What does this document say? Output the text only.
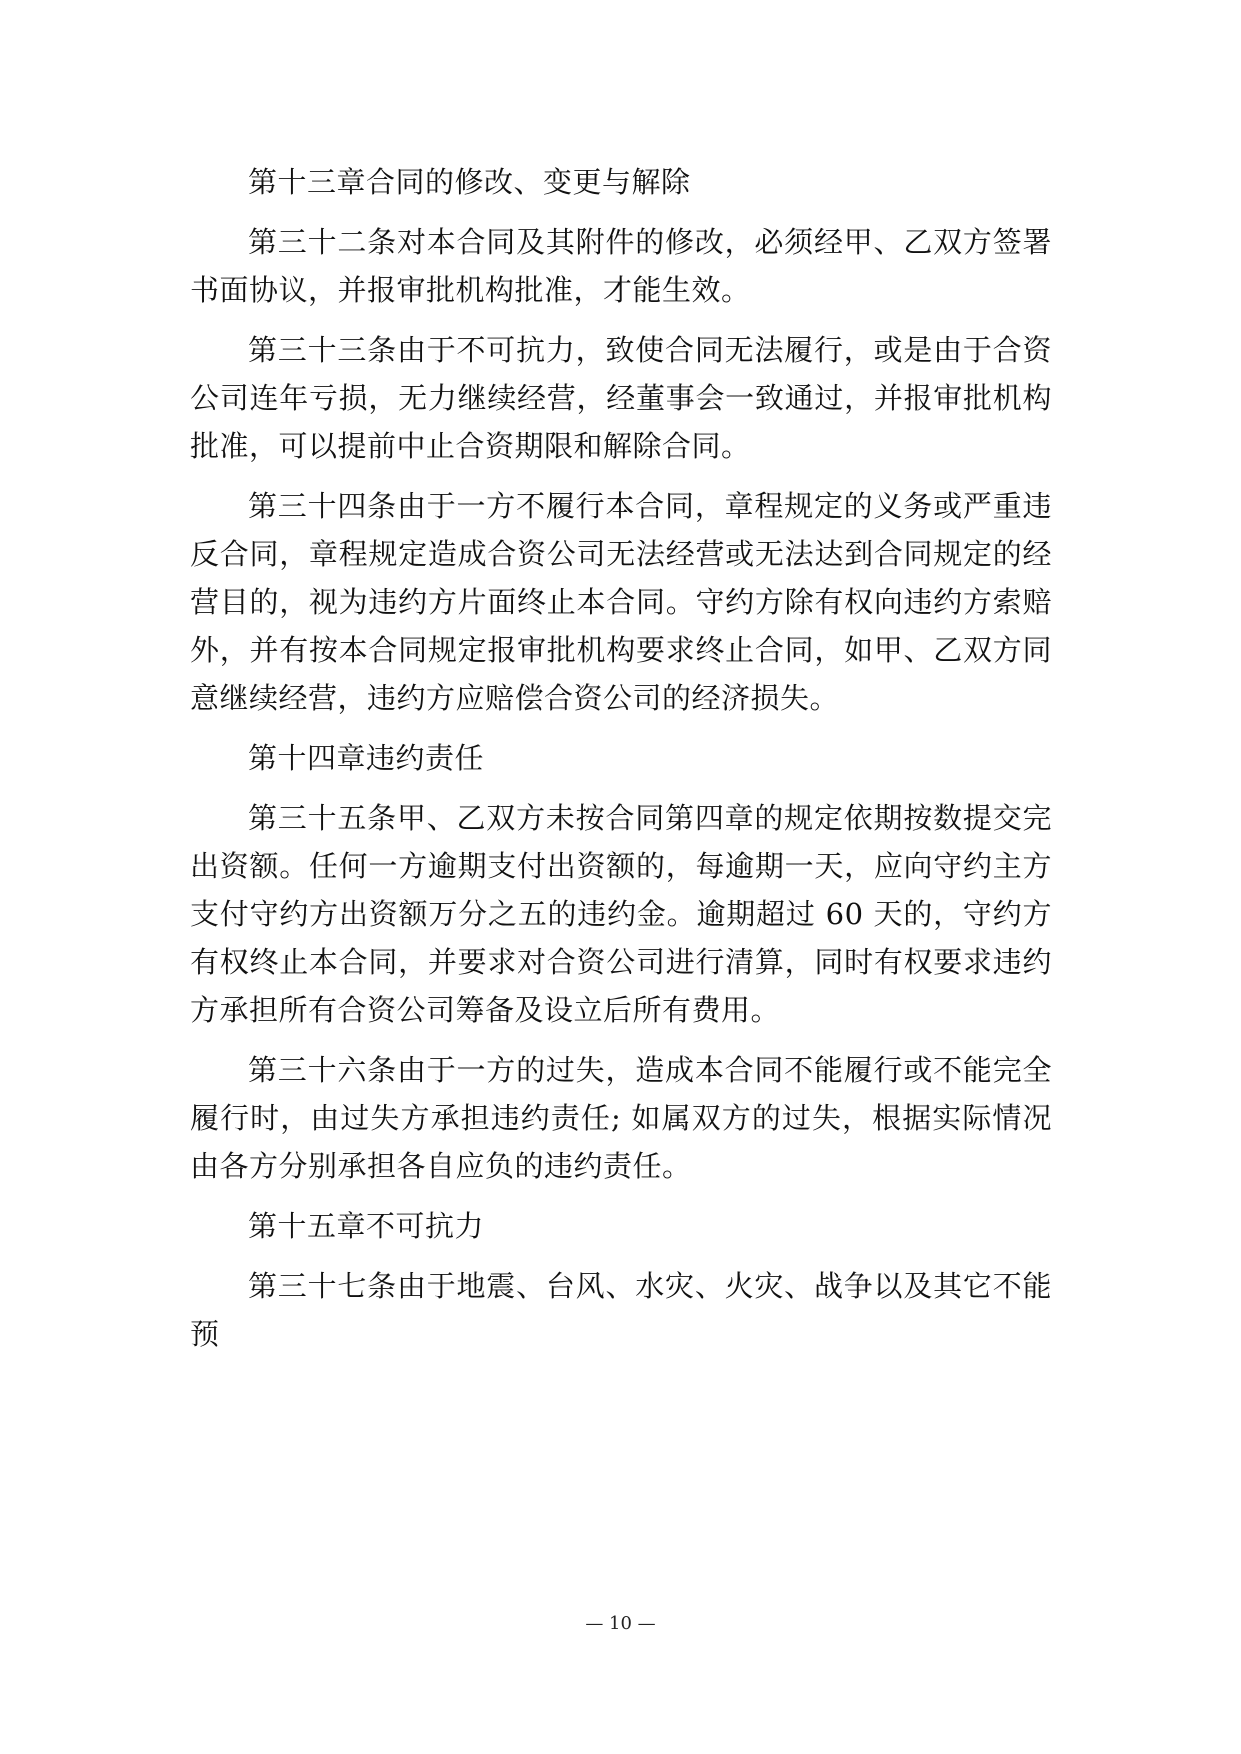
第十三章合同的修改、变更与解除

第三十二条对本合同及其附件的修改，必须经甲、乙双方签署书面协议，并报审批机构批准，才能生效。

第三十三条由于不可抗力，致使合同无法履行，或是由于合资公司连年亏损，无力继续经营，经董事会一致通过，并报审批机构批准，可以提前中止合资期限和解除合同。

第三十四条由于一方不履行本合同，章程规定的义务或严重违反合同，章程规定造成合资公司无法经营或无法达到合同规定的经营目的，视为违约方片面终止本合同。守约方除有权向违约方索赔外，并有按本合同规定报审批机构要求终止合同，如甲、乙双方同意继续经营，违约方应赔偿合资公司的经济损失。

第十四章违约责任

第三十五条甲、乙双方未按合同第四章的规定依期按数提交完出资额。任何一方逾期支付出资额的，每逾期一天，应向守约主方支付守约方出资额万分之五的违约金。逾期超过 60 天的，守约方有权终止本合同，并要求对合资公司进行清算，同时有权要求违约方承担所有合资公司筹备及设立后所有费用。

第三十六条由于一方的过失，造成本合同不能履行或不能完全履行时，由过失方承担违约责任; 如属双方的过失，根据实际情况由各方分别承担各自应负的违约责任。

第十五章不可抗力

第三十七条由于地震、台风、水灾、火灾、战争以及其它不能预

— 10 —
